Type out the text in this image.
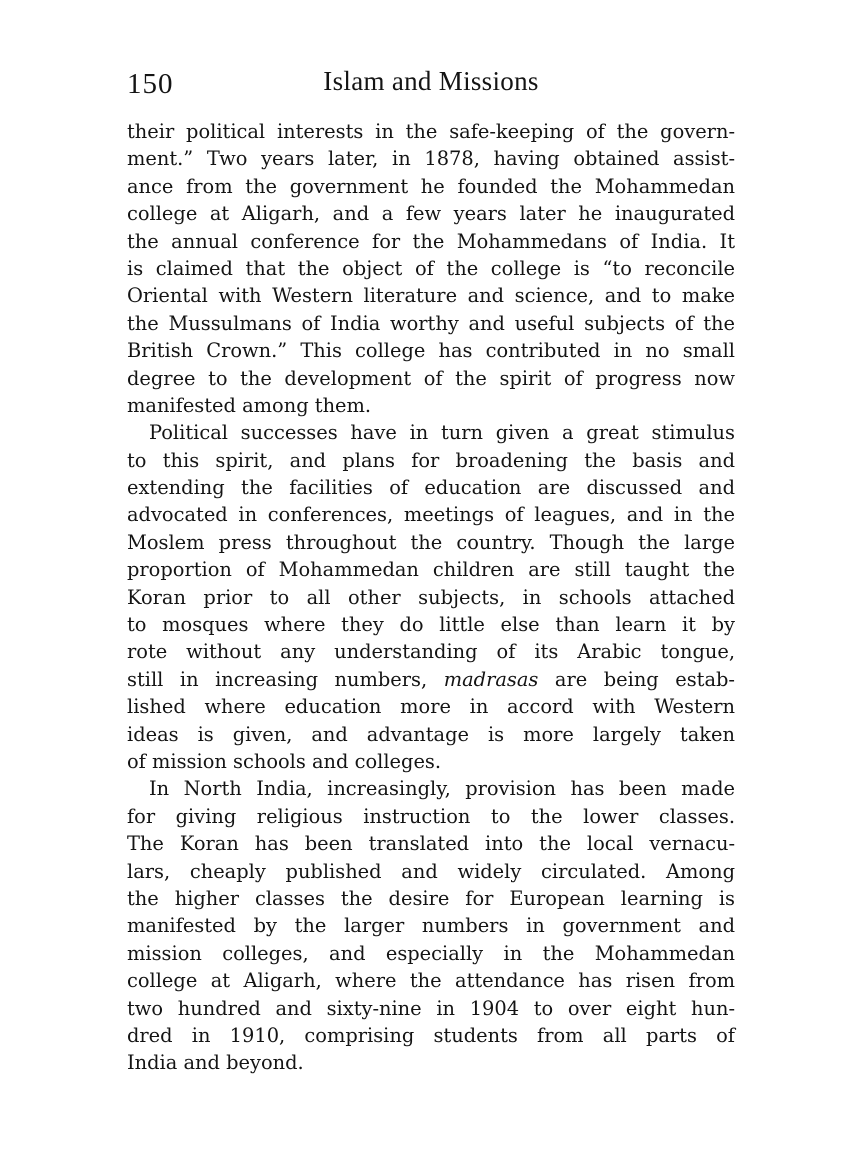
150	Islam and Missions

their political interests in the safe-keeping of the govern-
ment.” Two years later, in 1878, having obtained assist-
ance from the government he founded the Mohammedan
college at Aligarh, and a few years later he inaugurated
the annual conference for the Mohammedans of India. It
is claimed that the object of the college is “to reconcile
Oriental with Western literature and science, and to make
the Mussulmans of India worthy and useful subjects of the
British Crown.” This college has contributed in no small
degree to the development of the spirit of progress now
manifested among them.

Political successes have in turn given a great stimulus
to this spirit, and plans for broadening the basis and
extending the facilities of education are discussed and
advocated in conferences, meetings of leagues, and in the
Moslem press throughout the country. Though the large
proportion of Mohammedan children are still taught the
Koran prior to all other subjects, in schools attached
to mosques where they do little else than learn it by
rote without any understanding of its Arabic tongue,
still in increasing numbers, madrasas are being estab-
lished where education more in accord with Western
ideas is given, and advantage is more largely taken
of mission schools and colleges.

In North India, increasingly, provision has been made
for giving religious instruction to the lower classes.
The Koran has been translated into the local vernacu-
lars, cheaply published and widely circulated. Among
the higher classes the desire for European learning is
manifested by the larger numbers in government and
mission colleges, and especially in the Mohammedan
college at Aligarh, where the attendance has risen from
two hundred and sixty-nine in 1904 to over eight hun-
dred in 1910, comprising students from all parts of
India and beyond.
